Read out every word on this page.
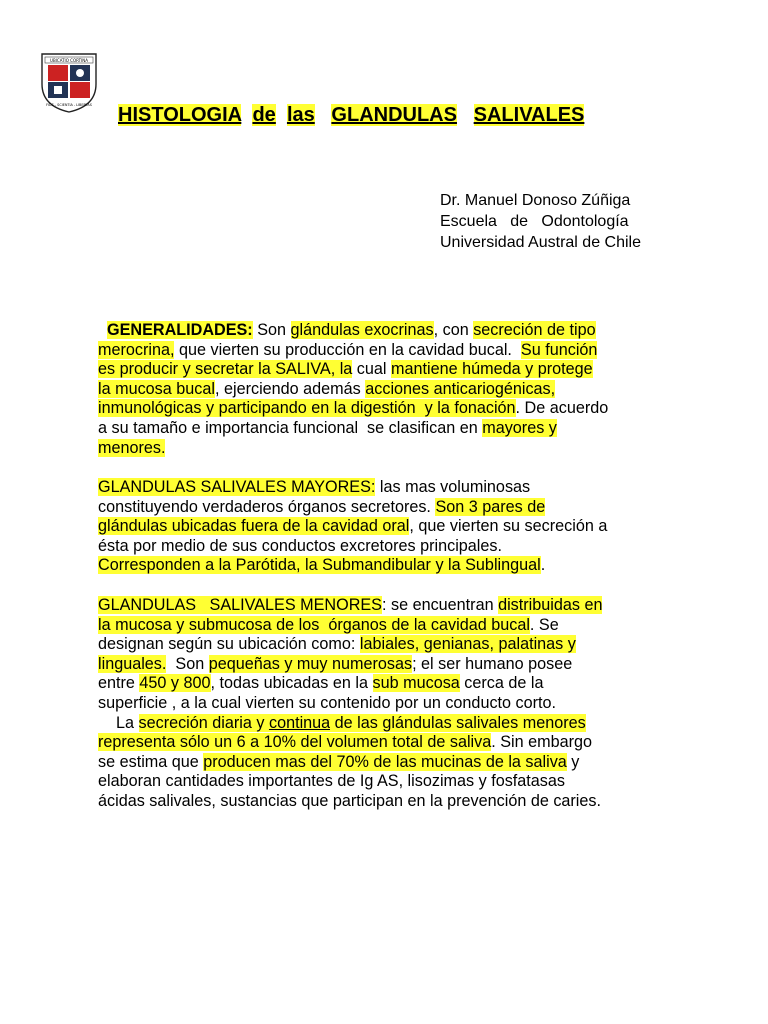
UBICATIO CORTINA
FIDE - SCIENTIA - LIBERTAS HISTOLOGIA de las GLANDULAS SALIVALES
Dr. Manuel Donoso Zúñiga
Escuela   de   Odontología
Universidad Austral de Chile
GENERALIDADES: Son glándulas exocrinas, con secreción de tipo
merocrina, que vierten su producción en la cavidad bucal.  Su función
es producir y secretar la SALIVA, la cual mantiene húmeda y protege
la mucosa bucal, ejerciendo además acciones anticariogénicas,
inmunológicas y participando en la digestión  y la fonación. De acuerdo
a su tamaño e importancia funcional  se clasifican en mayores y
menores.
GLANDULAS SALIVALES MAYORES: las mas voluminosas
constituyendo verdaderos órganos secretores. Son 3 pares de
glándulas ubicadas fuera de la cavidad oral, que vierten su secreción a
ésta por medio de sus conductos excretores principales.
Corresponden a la Parótida, la Submandibular y la Sublingual.
GLANDULAS   SALIVALES MENORES: se encuentran distribuidas en
la mucosa y submucosa de los  órganos de la cavidad bucal. Se
designan según su ubicación como: labiales, genianas, palatinas y
linguales.  Son pequeñas y muy numerosas; el ser humano posee
entre 450 y 800, todas ubicadas en la sub mucosa cerca de la
superficie , a la cual vierten su contenido por un conducto corto.
La secreción diaria y continua de las glándulas salivales menores
representa sólo un 6 a 10% del volumen total de saliva. Sin embargo
se estima que producen mas del 70% de las mucinas de la saliva y
elaboran cantidades importantes de Ig AS, lisozimas y fosfatasas
ácidas salivales, sustancias que participan en la prevención de caries.
